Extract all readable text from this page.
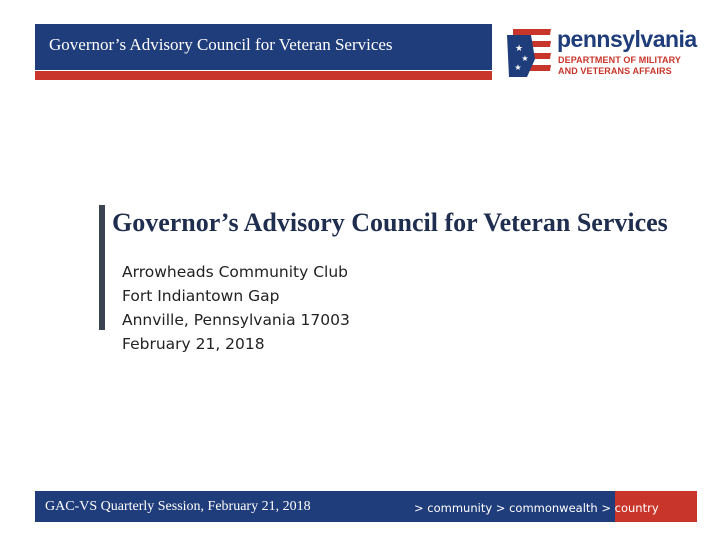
Governor’s Advisory Council for Veteran Services	★
★
★
pennsylvania
DEPARTMENT OF MILITARY
AND VETERANS AFFAIRS
Governor’s Advisory Council for Veteran Services
Arrowheads Community Club
Fort Indiantown Gap
Annville, Pennsylvania 17003
February 21, 2018
GAC-VS Quarterly Session, February 21, 2018	> community > commonwealth > country
